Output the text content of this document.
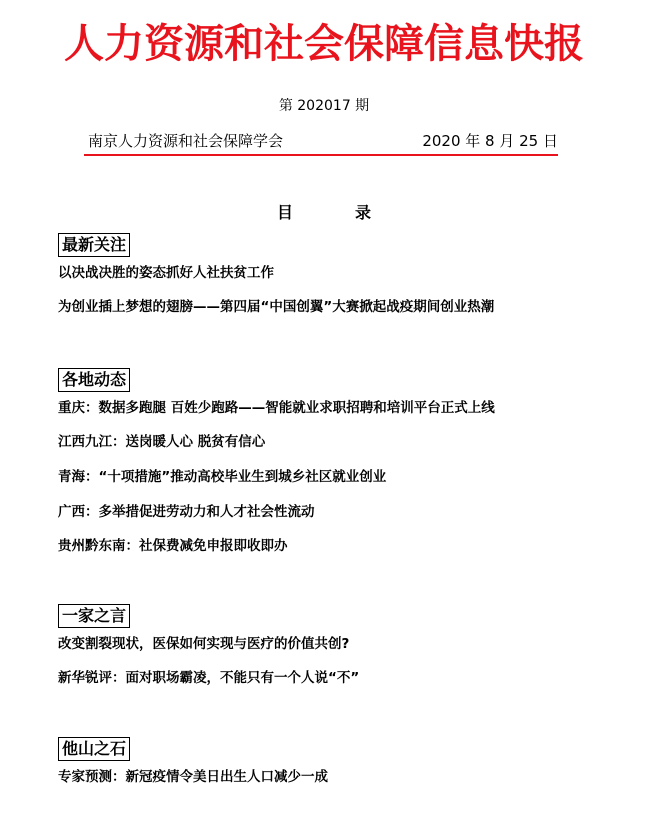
人力资源和社会保障信息快报
第 202017 期
南京人力资源和社会保障学会	2020 年 8 月 25 日
目	录
最新关注
以决战决胜的姿态抓好人社扶贫工作
为创业插上梦想的翅膀——第四届“中国创翼”大赛掀起战疫期间创业热潮
各地动态
重庆：数据多跑腿 百姓少跑路——智能就业求职招聘和培训平台正式上线
江西九江：送岗暖人心 脱贫有信心
青海：“十项措施”推动高校毕业生到城乡社区就业创业
广西：多举措促进劳动力和人才社会性流动
贵州黔东南：社保费减免申报即收即办
一家之言
改变割裂现状，医保如何实现与医疗的价值共创?
新华锐评：面对职场霸凌，不能只有一个人说“不”
他山之石
专家预测：新冠疫情令美日出生人口减少一成
